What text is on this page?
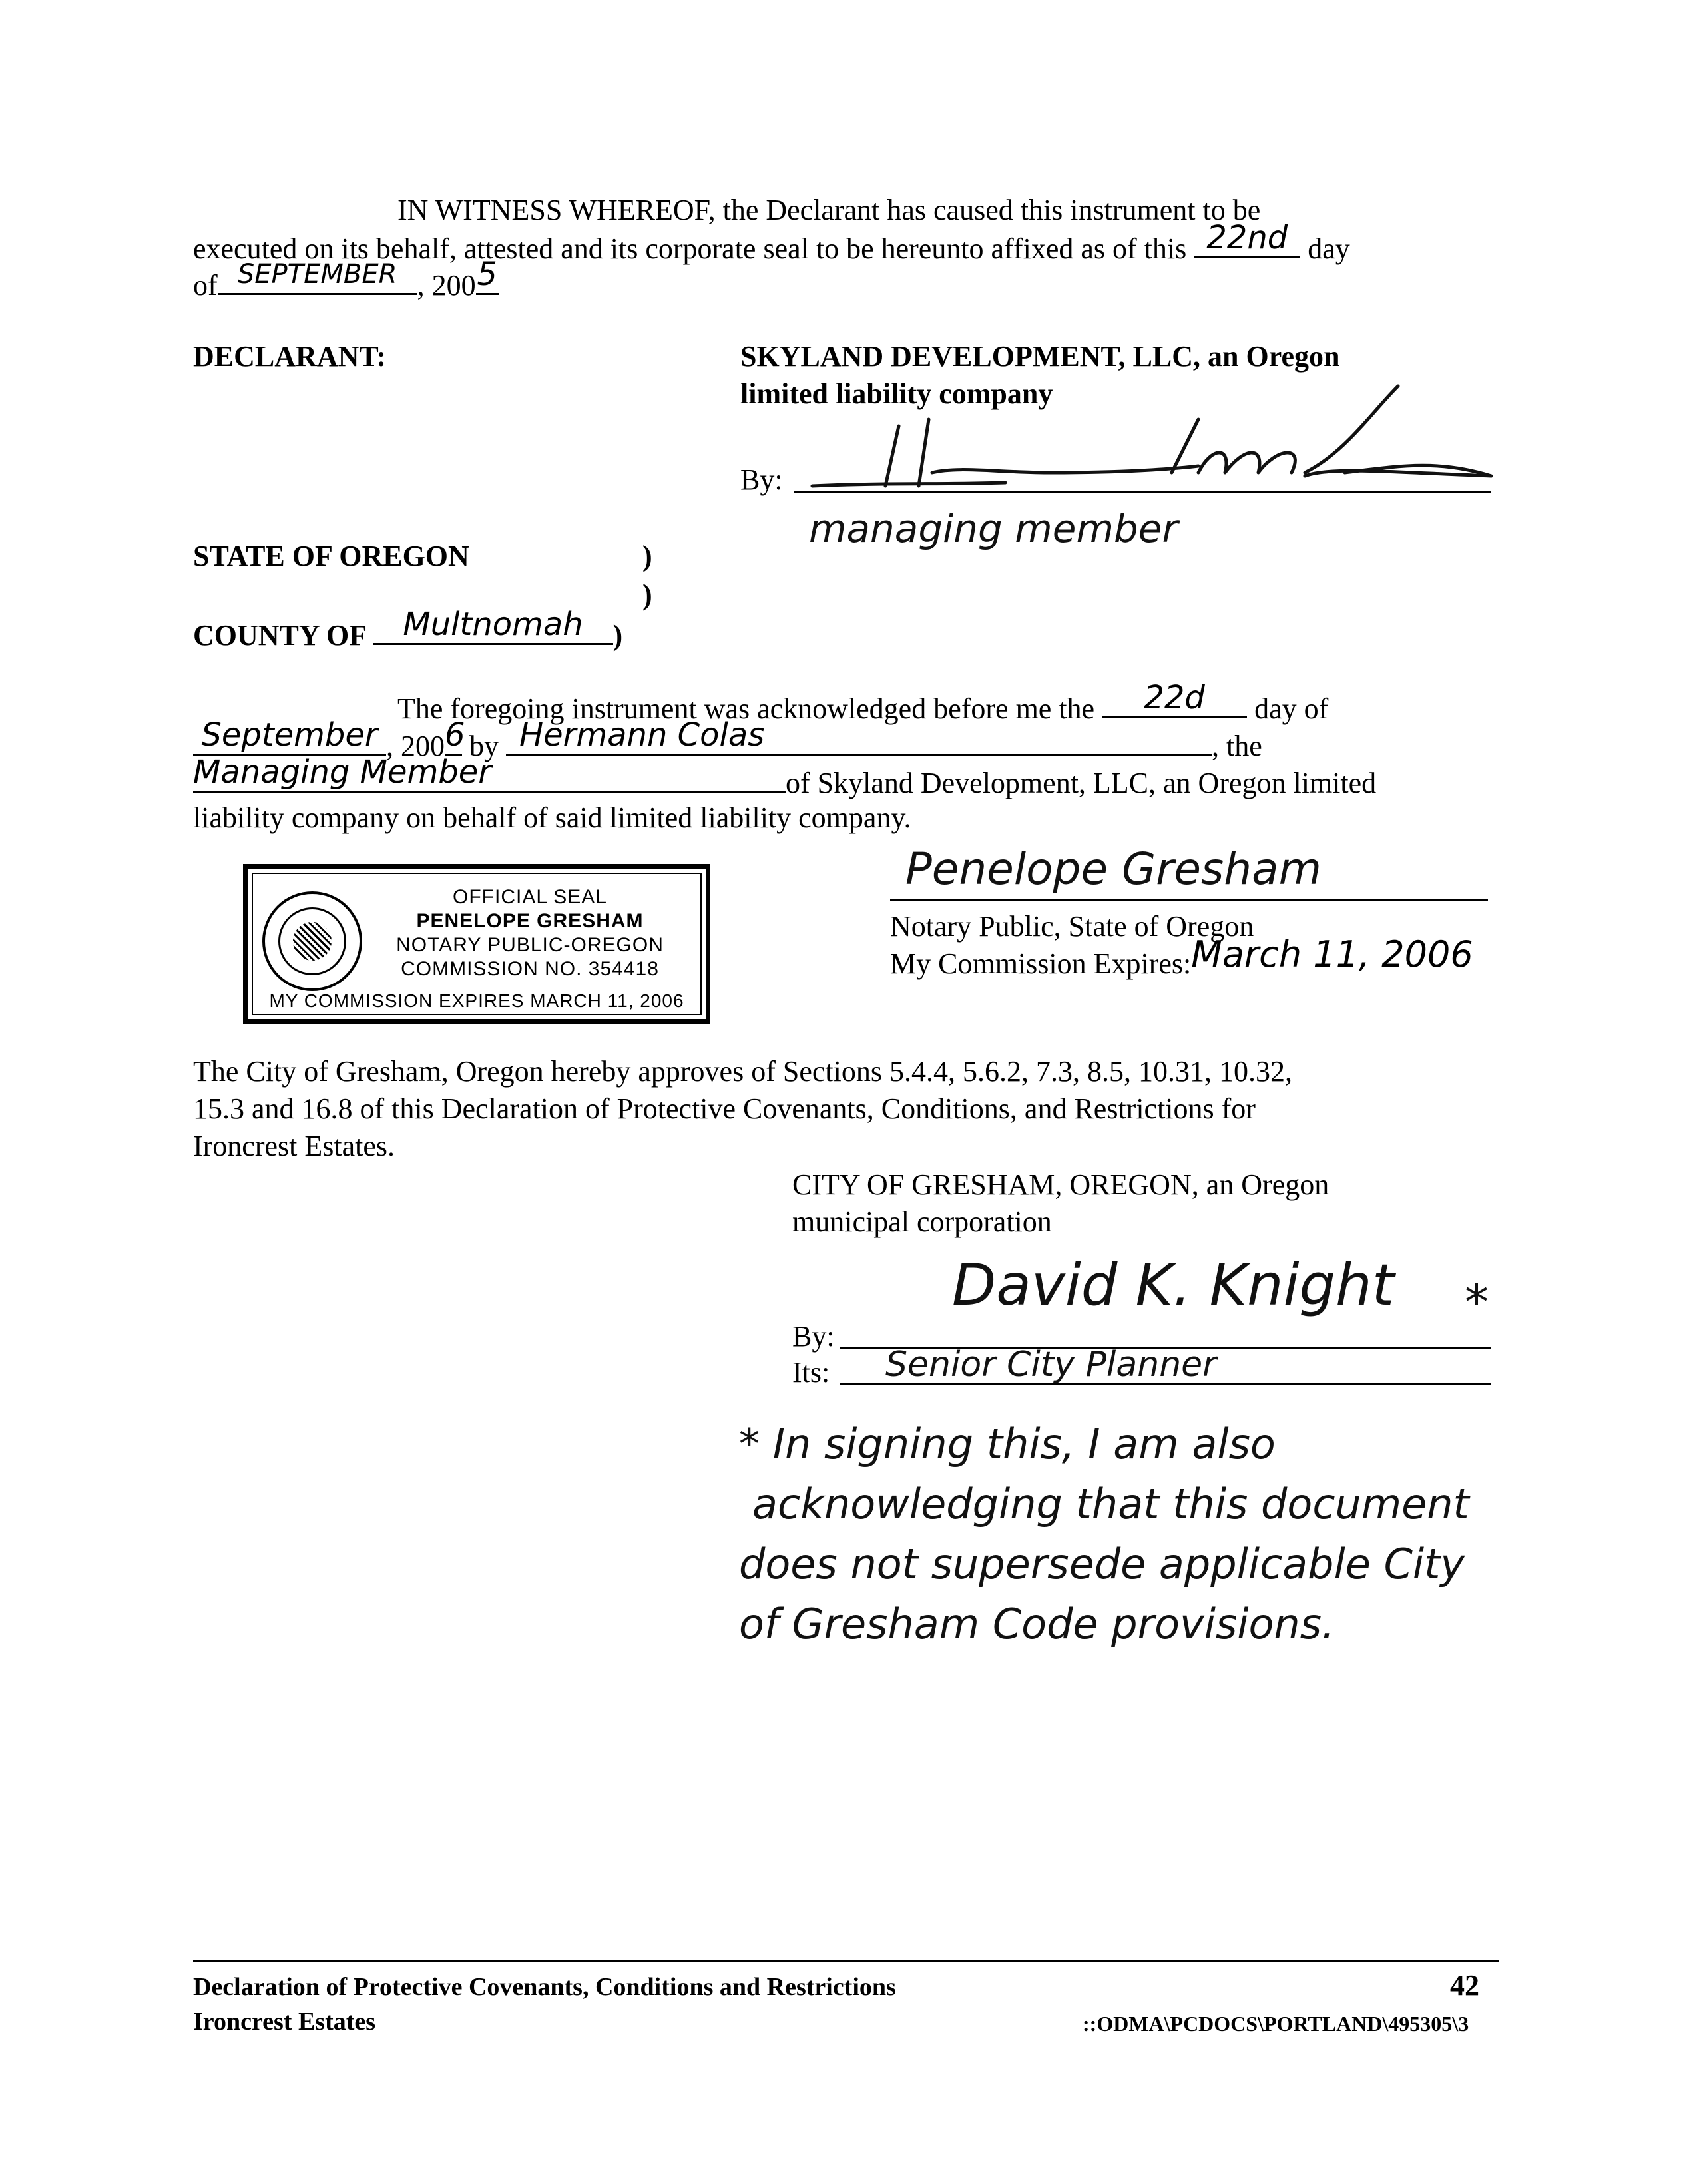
IN WITNESS WHEREOF, the Declarant has caused this instrument to be
executed on its behalf, attested and its corporate seal to be hereunto affixed as of this 22nd day
of SEPTEMBER , 200 5
DECLARANT:	SKYLAND DEVELOPMENT, LLC, an Oregon
limited liability company
By:
managing member
STATE OF OREGON	)
)
COUNTY OF	Multnomah	)
The foregoing instrument was acknowledged before me the	22d	day of
September , 200 6 by Hermann Colas	, the
Managing Member	of Skyland Development, LLC, an Oregon limited
liability company on behalf of said limited liability company.
OFFICIAL SEAL
PENELOPE GRESHAM
NOTARY PUBLIC-OREGON
COMMISSION NO. 354418
MY COMMISSION EXPIRES MARCH 11, 2006
Penelope Gresham
Notary Public, State of Oregon
My Commission Expires: March 11, 2006
The City of Gresham, Oregon hereby approves of Sections 5.4.4, 5.6.2, 7.3, 8.5, 10.31, 10.32,
15.3 and 16.8 of this Declaration of Protective Covenants, Conditions, and Restrictions for
Ironcrest Estates.
CITY OF GRESHAM, OREGON, an Oregon
municipal corporation
By:
David K. Knight *
Its: Senior City Planner
* In signing this, I am also
acknowledging that this document
does not supersede applicable City
of Gresham Code provisions.
Declaration of Protective Covenants, Conditions and Restrictions
Ironcrest Estates
42
::ODMA\PCDOCS\PORTLAND\495305\3
